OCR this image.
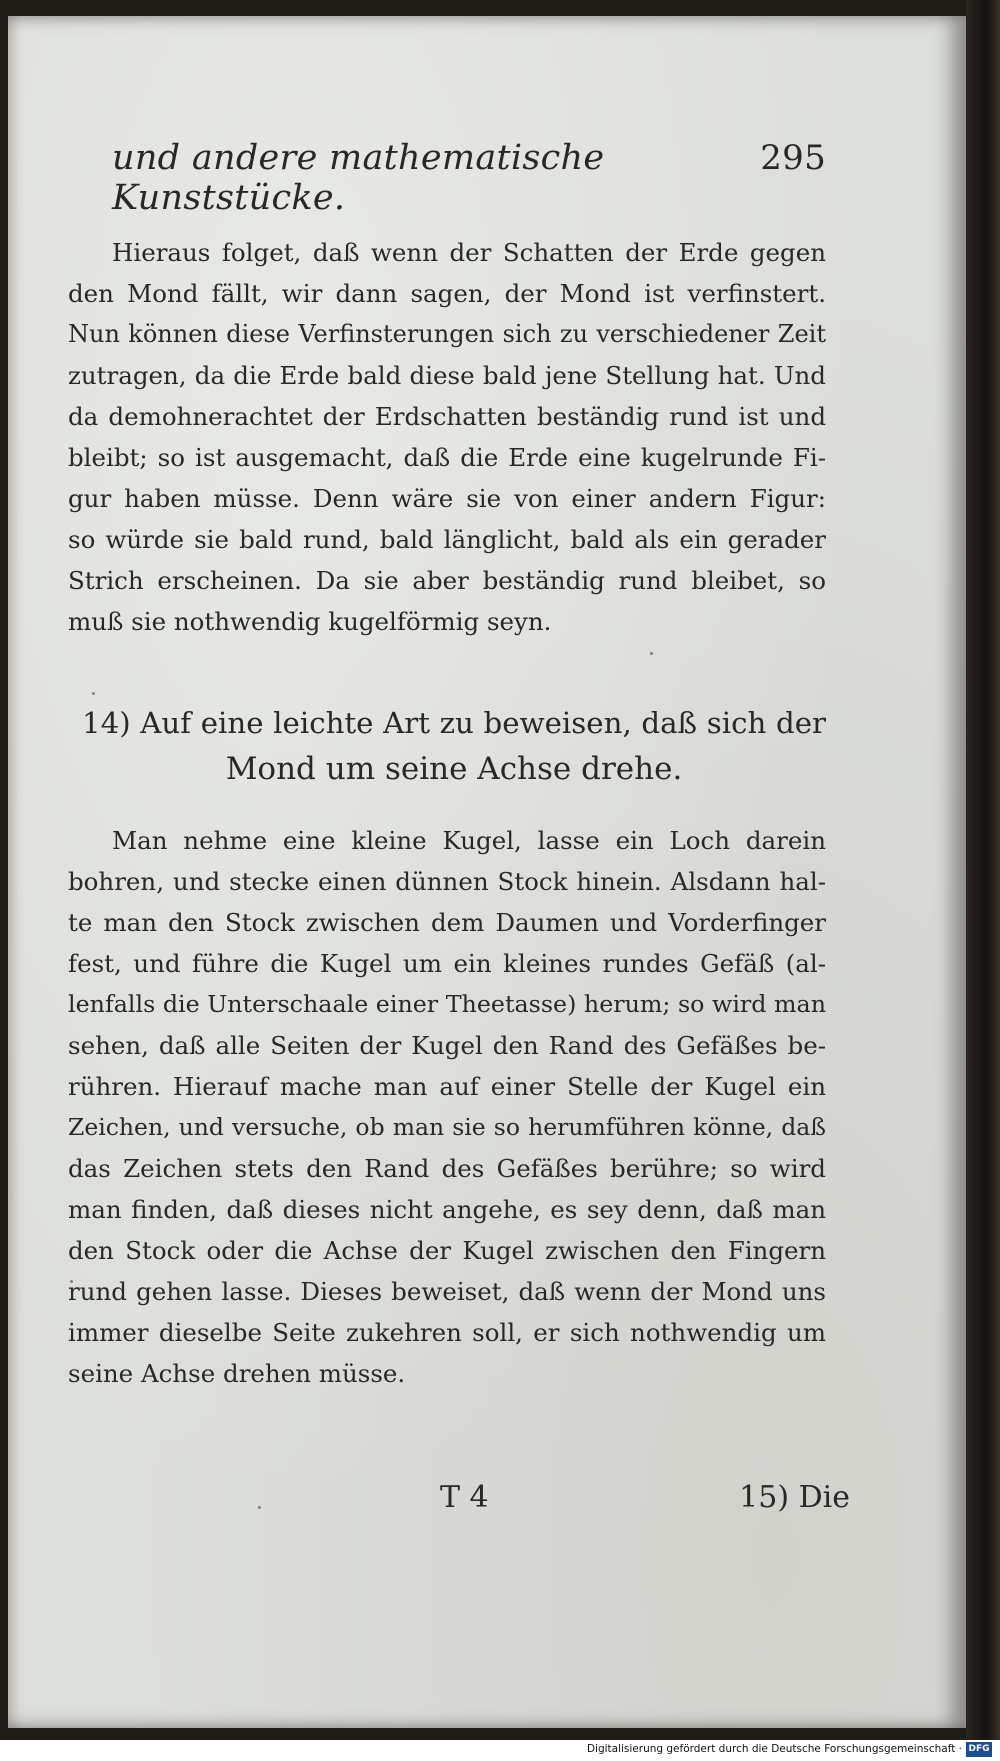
und andere mathematische Kunststücke.
295
Hieraus folget, daß wenn der Schatten der Erde gegen
den Mond fällt, wir dann sagen, der Mond ist verfinstert.
Nun können diese Verfinsterungen sich zu verschiedener Zeit
zutragen, da die Erde bald diese bald jene Stellung hat. Und
da demohnerachtet der Erdschatten beständig rund ist und
bleibt; so ist ausgemacht, daß die Erde eine kugelrunde Fi-
gur haben müsse. Denn wäre sie von einer andern Figur:
so würde sie bald rund, bald länglicht, bald als ein gerader
Strich erscheinen. Da sie aber beständig rund bleibet, so
muß sie nothwendig kugelförmig seyn.
14) Auf eine leichte Art zu beweisen, daß sich der
Mond um seine Achse drehe.
Man nehme eine kleine Kugel, lasse ein Loch darein
bohren, und stecke einen dünnen Stock hinein. Alsdann hal-
te man den Stock zwischen dem Daumen und Vorderfinger
fest, und führe die Kugel um ein kleines rundes Gefäß (al-
lenfalls die Unterschaale einer Theetasse) herum; so wird man
sehen, daß alle Seiten der Kugel den Rand des Gefäßes be-
rühren. Hierauf mache man auf einer Stelle der Kugel ein
Zeichen, und versuche, ob man sie so herumführen könne, daß
das Zeichen stets den Rand des Gefäßes berühre; so wird
man finden, daß dieses nicht angehe, es sey denn, daß man
den Stock oder die Achse der Kugel zwischen den Fingern
rund gehen lasse. Dieses beweiset, daß wenn der Mond uns
immer dieselbe Seite zukehren soll, er sich nothwendig um
seine Achse drehen müsse.
T 4	15) Die
Digitalisierung gefördert durch die Deutsche Forschungsgemeinschaft · DFG
